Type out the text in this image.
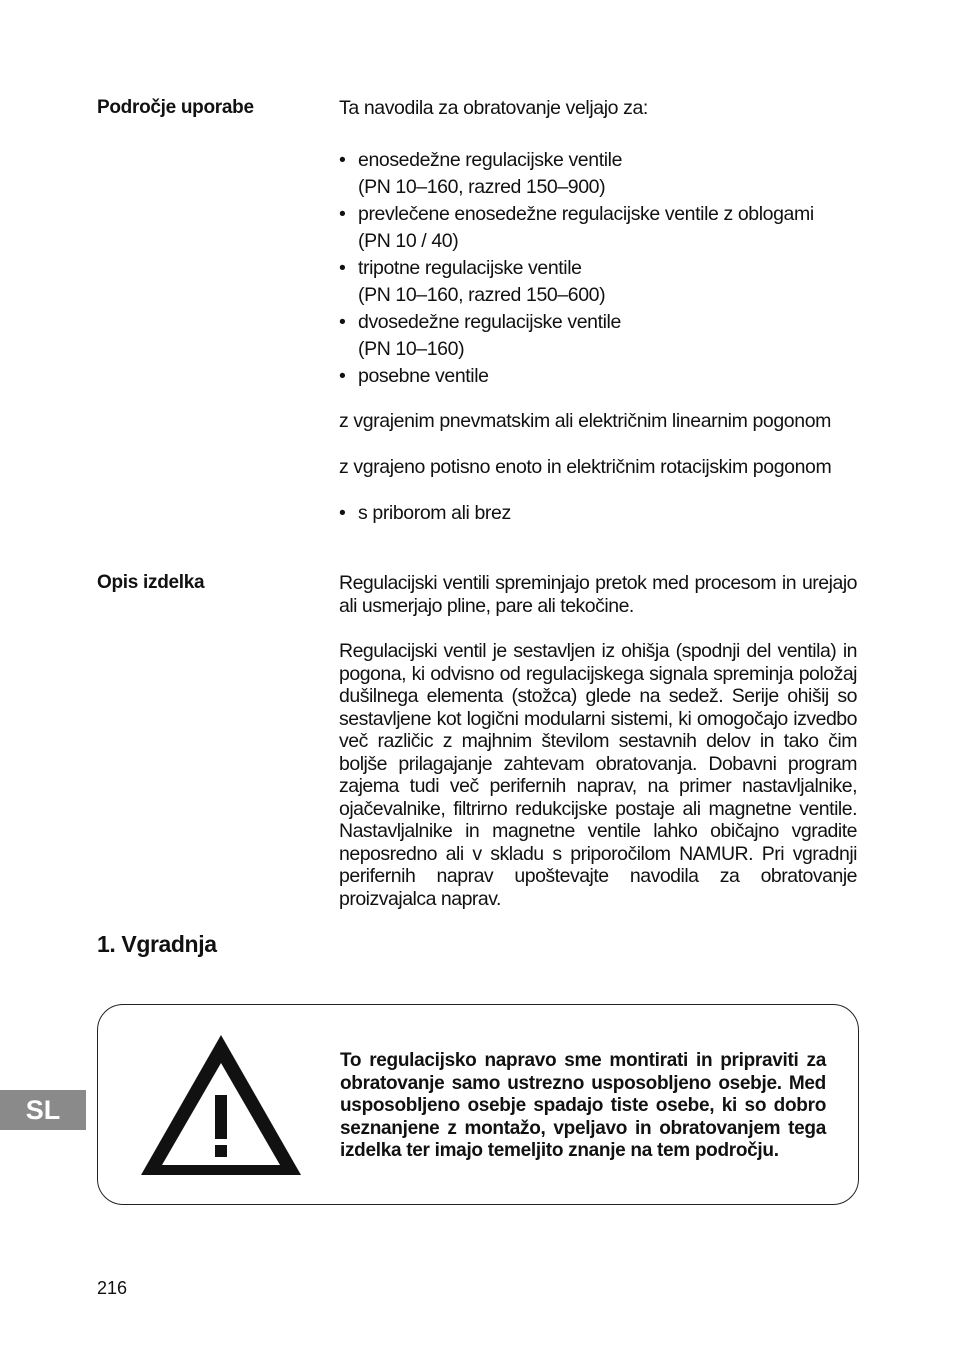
Področje uporabe	Ta navodila za obratovanje veljajo za:
• enosedežne regulacijske ventile
(PN 10–160, razred 150–900)
• prevlečene enosedežne regulacijske ventile z oblogami
(PN 10 / 40)
• tripotne regulacijske ventile
(PN 10–160, razred 150–600)
• dvosedežne regulacijske ventile
(PN 10–160)
• posebne ventile
z vgrajenim pnevmatskim ali električnim linearnim pogonom
z vgrajeno potisno enoto in električnim rotacijskim pogonom
• s priborom ali brez
Opis izdelka	Regulacijski ventili spreminjajo pretok med procesom in urejajo ali usmerjajo pline, pare ali tekočine.
Regulacijski ventil je sestavljen iz ohišja (spodnji del ventila) in pogona, ki odvisno od regulacijskega signala spreminja položaj dušilnega elementa (stožca) glede na sedež. Serije ohišij so sestavljene kot logični modularni sistemi, ki omogočajo izvedbo več različic z majhnim številom sestavnih delov in tako čim boljše prilagajanje zahtevam obratovanja. Dobavni program zajema tudi več perifernih naprav, na primer nastavljalnike, ojačevalnike, filtrirno redukcijske postaje ali magnetne ventile. Nastavljalnike in magnetne ventile lahko običajno vgradite neposredno ali v skladu s priporočilom NAMUR. Pri vgradnji perifernih naprav upoštevajte navodila za obratovanje proizvajalca naprav.
1. Vgradnja
To regulacijsko napravo sme montirati in pripraviti za obratovanje samo ustrezno usposobljeno osebje. Med usposobljeno osebje spadajo tiste osebe, ki so dobro seznanjene z montažo, vpeljavo in obratovanjem tega izdelka ter imajo temeljito znanje na tem področju.
SL
216
